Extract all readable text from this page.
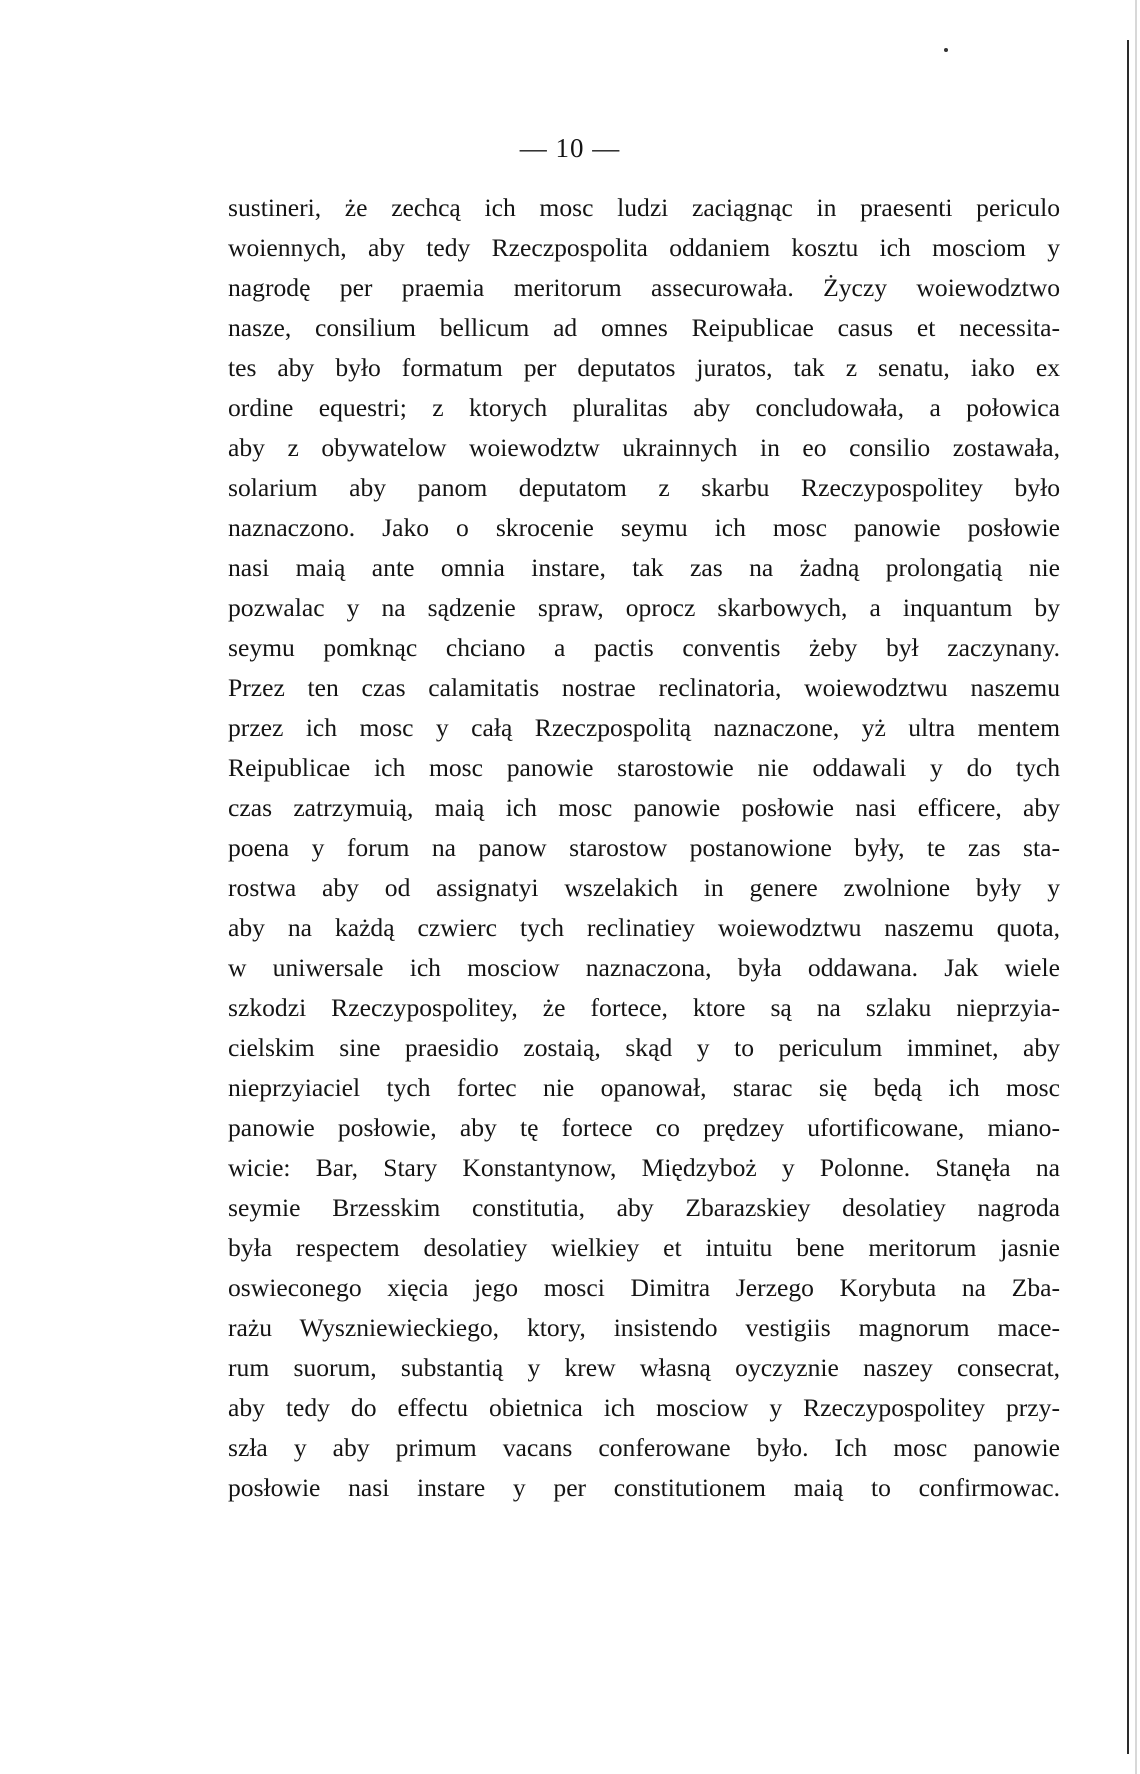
— 10 —
sustineri, że zechcą ich mosc ludzi zaciągnąc in praesenti periculo
woiennych, aby tedy Rzeczpospolita oddaniem kosztu ich mosciom y
nagrodę per praemia meritorum assecurowała. Życzy woiewodztwo
nasze, consilium bellicum ad omnes Reipublicae casus et necessita-
tes aby było formatum per deputatos juratos, tak z senatu, iako ex
ordine equestri; z ktorych pluralitas aby concludowała, a połowica
aby z obywatelow woiewodztw ukrainnych in eo consilio zostawała,
solarium aby panom deputatom z skarbu Rzeczypospolitey było
naznaczono. Jako o skrocenie seymu ich mosc panowie posłowie
nasi maią ante omnia instare, tak zas na żadną prolongatią nie
pozwalac y na sądzenie spraw, oprocz skarbowych, a inquantum by
seymu pomknąc chciano a pactis conventis żeby był zaczynany.
Przez ten czas calamitatis nostrae reclinatoria, woiewodztwu naszemu
przez ich mosc y całą Rzeczpospolitą naznaczone, yż ultra mentem
Reipublicae ich mosc panowie starostowie nie oddawali y do tych
czas zatrzymuią, maią ich mosc panowie posłowie nasi efficere, aby
poena y forum na panow starostow postanowione były, te zas sta-
rostwa aby od assignatyi wszelakich in genere zwolnione były y
aby na każdą czwierc tych reclinatiey woiewodztwu naszemu quota,
w uniwersale ich mosciow naznaczona, była oddawana. Jak wiele
szkodzi Rzeczypospolitey, że fortece, ktore są na szlaku nieprzyia-
cielskim sine praesidio zostaią, skąd y to periculum imminet, aby
nieprzyiaciel tych fortec nie opanował, starac się będą ich mosc
panowie posłowie, aby tę fortece co prędzey ufortificowane, miano-
wicie: Bar, Stary Konstantynow, Międzyboż y Polonne. Stanęła na
seymie Brzesskim constitutia, aby Zbarazskiey desolatiey nagroda
była respectem desolatiey wielkiey et intuitu bene meritorum jasnie
oswieconego xięcia jego mosci Dimitra Jerzego Korybuta na Zba-
rażu Wyszniewieckiego, ktory, insistendo vestigiis magnorum mace-
rum suorum, substantią y krew własną oyczyznie naszey consecrat,
aby tedy do effectu obietnica ich mosciow y Rzeczypospolitey przy-
szła y aby primum vacans conferowane było. Ich mosc panowie
posłowie nasi instare y per constitutionem maią to confirmowac.
